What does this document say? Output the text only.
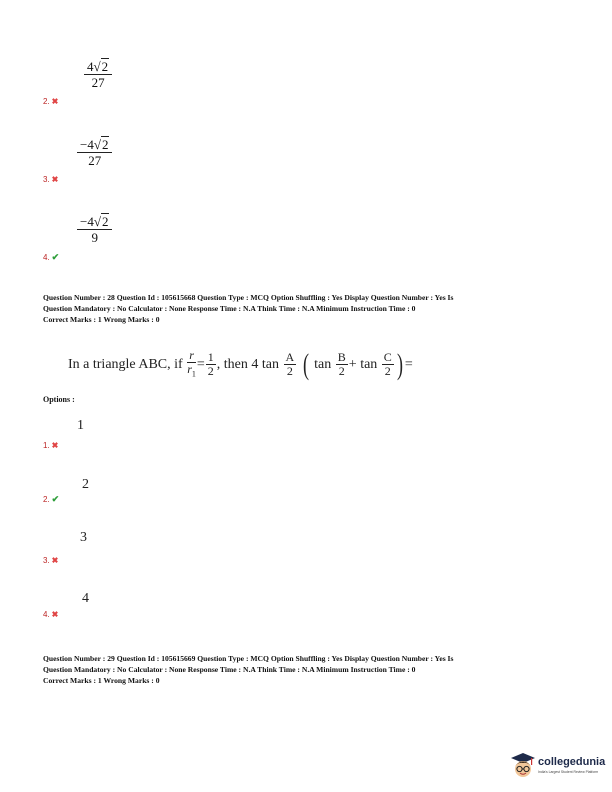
$\frac{4√2}{27}$
2. ✖
$\frac{-4√2}{27}$
3. ✖
$\frac{-4√2}{9}$
4. ✔
Question Number : 28 Question Id : 105615668 Question Type : MCQ Option Shuffling : Yes Display Question Number : Yes Is
Question Mandatory : No Calculator : None Response Time : N.A Think Time : N.A Minimum Instruction Time : 0
Correct Marks : 1 Wrong Marks : 0
In a triangle ABC, if $\frac{r}{r_1} = \frac{1}{2}$ , then 4 $\tan \frac{A}{2}$ ( $\tan \frac{B}{2} + \tan \frac{C}{2}$ ) =
Options :
1
1. ✖
2
2. ✔
3
3. ✖
4
4. ✖
Question Number : 29 Question Id : 105615669 Question Type : MCQ Option Shuffling : Yes Display Question Number : Yes Is
Question Mandatory : No Calculator : None Response Time : N.A Think Time : N.A Minimum Instruction Time : 0
Correct Marks : 1 Wrong Marks : 0
collegedunia
India's Largest Student Review Platform
